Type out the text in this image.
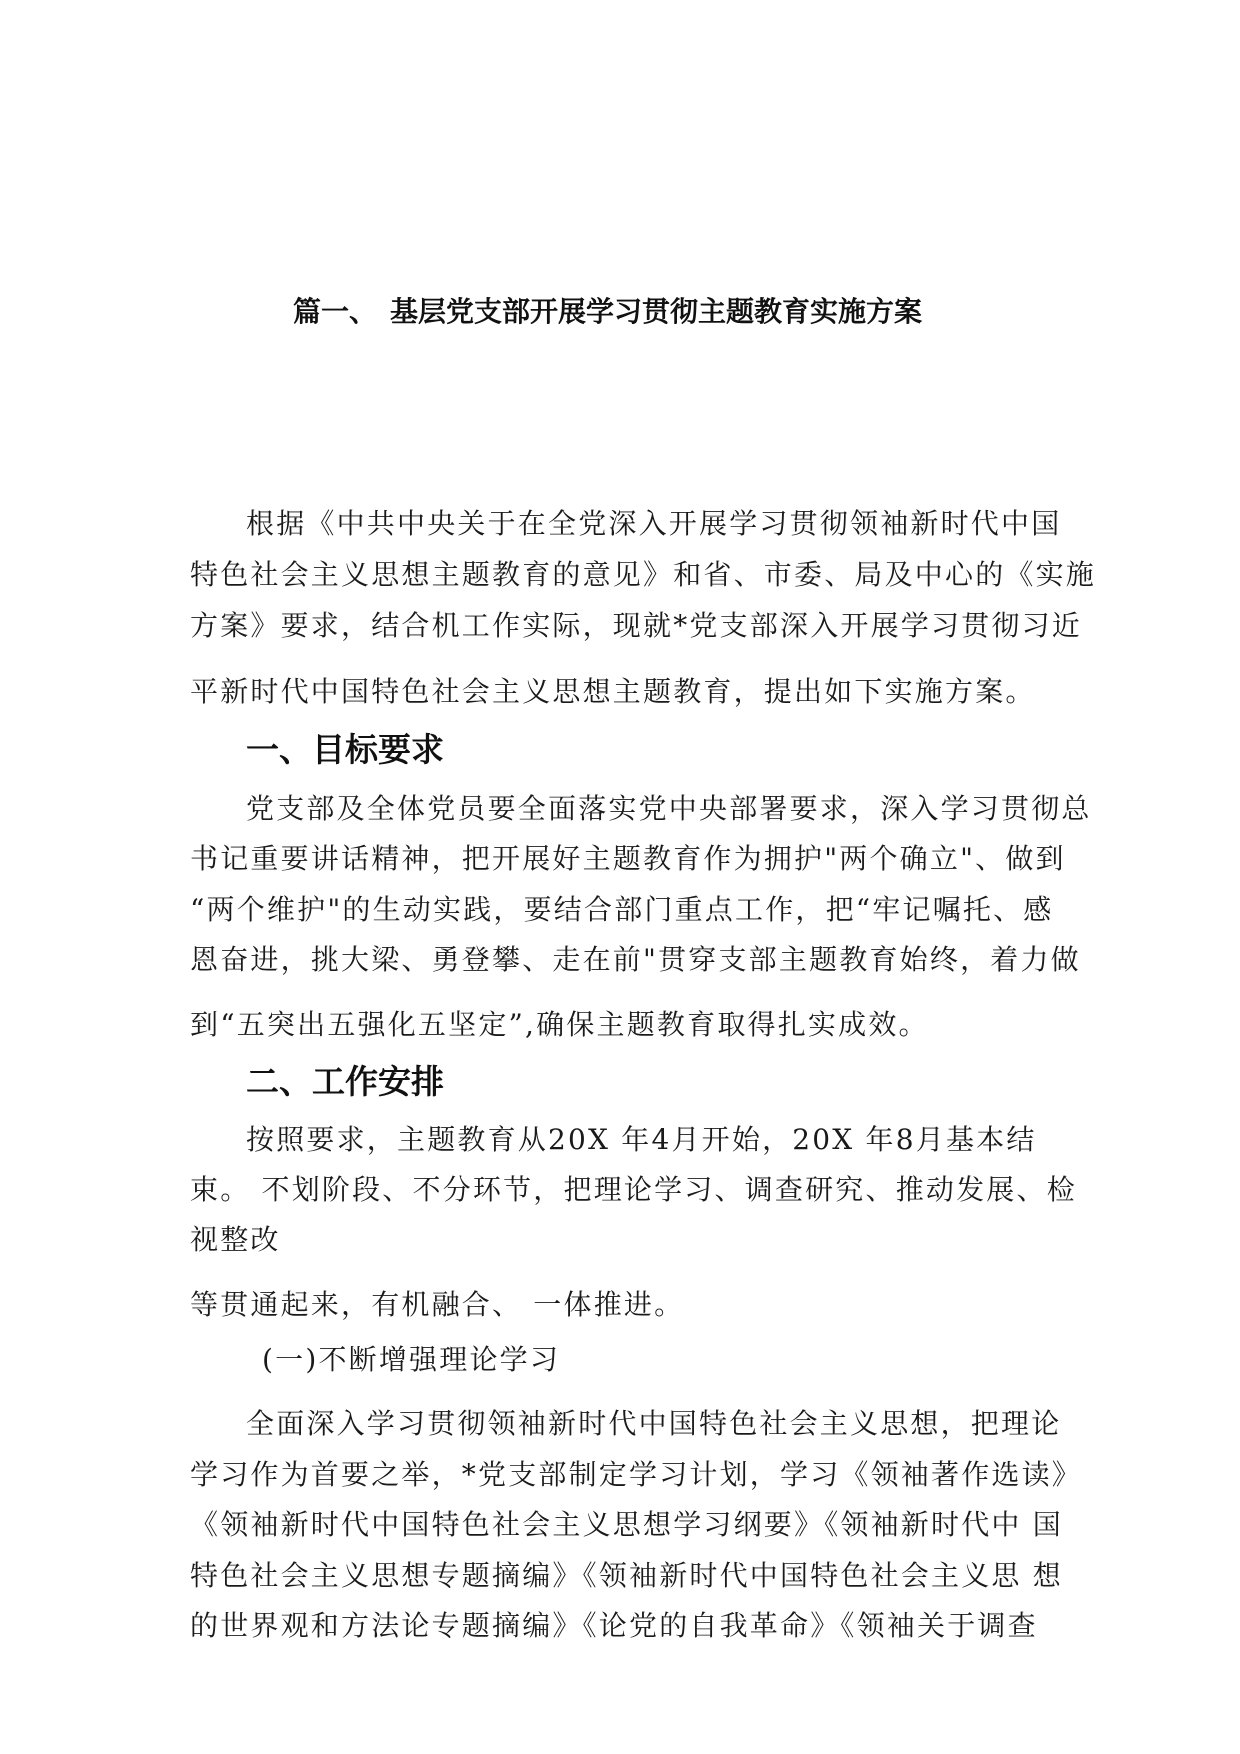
篇一、 基层党支部开展学习贯彻主题教育实施方案
根据《中共中央关于在全党深入开展学习贯彻领袖新时代中国
特色社会主义思想主题教育的意见》和省、市委、局及中心的《实施
方案》要求，结合机工作实际，现就*党支部深入开展学习贯彻习近
平新时代中国特色社会主义思想主题教育，提出如下实施方案。
一、目标要求
党支部及全体党员要全面落实党中央部署要求，深入学习贯彻总
书记重要讲话精神，把开展好主题教育作为拥护"两个确立"、做到
“两个维护"的生动实践，要结合部门重点工作，把“牢记嘱托、感
恩奋进，挑大梁、勇登攀、走在前"贯穿支部主题教育始终，着力做
到“五突出五强化五坚定”,确保主题教育取得扎实成效。
二、工作安排
按照要求，主题教育从20X 年4月开始，20X 年8月基本结
束。 不划阶段、不分环节，把理论学习、调查研究、推动发展、检
视整改
等贯通起来，有机融合、 一体推进。
(一)不断增强理论学习
全面深入学习贯彻领袖新时代中国特色社会主义思想，把理论
学习作为首要之举，*党支部制定学习计划，学习《领袖著作选读》
《领袖新时代中国特色社会主义思想学习纲要》《领袖新时代中 国
特色社会主义思想专题摘编》《领袖新时代中国特色社会主义思 想
的世界观和方法论专题摘编》《论党的自我革命》《领袖关于调查
